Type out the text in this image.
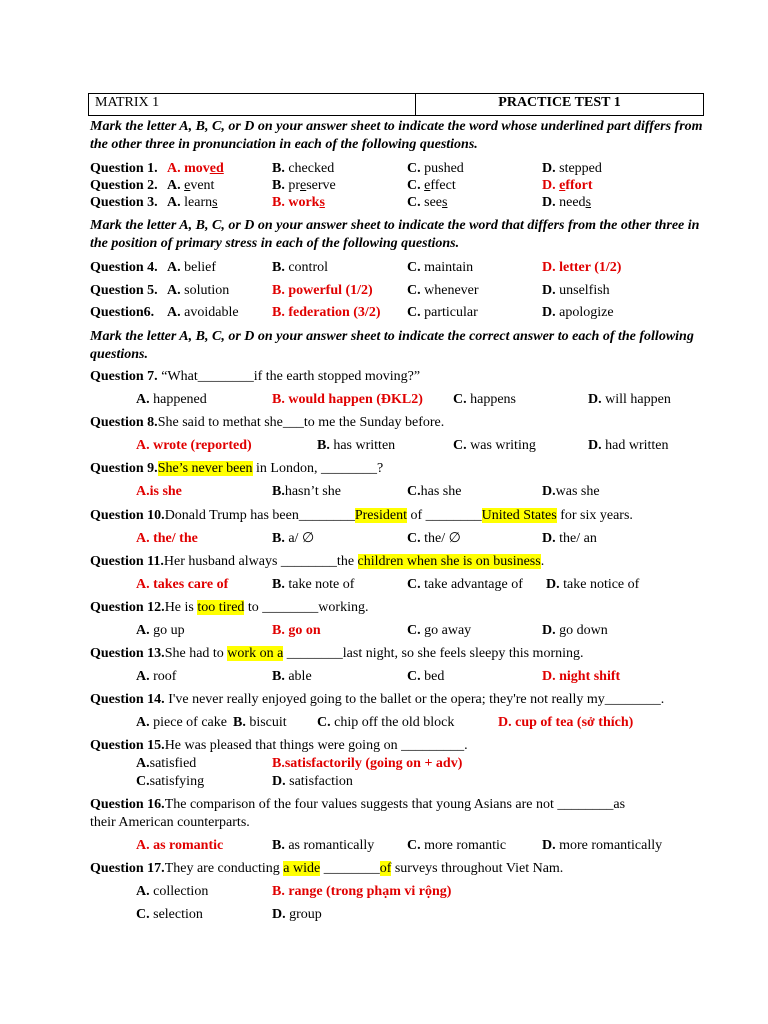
MATRIX 1	PRACTICE TEST 1
Mark the letter A, B, C, or D on your answer sheet to indicate the word whose underlined part differs from the other three in pronunciation in each of the following questions.
Question 1. A. moved	B. checked	C. pushed	D. stepped
Question 2. A. event	B. preserve	C. effect	D. effort
Question 3. A. learns	B. works	C. sees	D. needs
Mark the letter A, B, C, or D on your answer sheet to indicate the word that differs from the other three in the position of primary stress in each of the following questions.
Question 4. A. belief	B. control	C. maintain	D. letter (1/2)
Question 5. A. solution	B. powerful (1/2) C. whenever	D. unselfish
Question6. A. avoidable B. federation (3/2) C. particular	D. apologize
Mark the letter A, B, C, or D on your answer sheet to indicate the correct answer to each of the following questions.
Question 7. “What________if the earth stopped moving?”
A. happened	B. would happen (ĐKL2) C. happens	D. will happen
Question 8.She said to methat she___to me the Sunday before.
A. wrote (reported)	B. has written	C. was writing	D. had written
Question 9.She’s never been in London, ________?
A.is she	B.hasn’t she	C.has she	D.was she
Question 10.Donald Trump has been________President of ________United States for six years.
A. the/ the	B. a/ ∅	C. the/ ∅	D. the/ an
Question 11.Her husband always ________the children when she is on business.
A. takes care of	B. take note of	C. take advantage of D. take notice of
Question 12.He is too tired to ________working.
A. go up	B. go on	C. go away	D. go down
Question 13.She had to work on a ________last night, so she feels sleepy this morning.
A. roof	B. able	C. bed	D. night shift
Question 14. I've never really enjoyed going to the ballet or the opera; they're not really my________.
A. piece of cake B. biscuit C. chip off the old block	D. cup of tea (sở thích)
Question 15.He was pleased that things were going on _________.
A.satisfied	B.satisfactorily (going on + adv)
C.satisfying	D. satisfaction
Question 16.The comparison of the four values suggests that young Asians are not ________as
their American counterparts.
A. as romantic	B. as romantically C. more romantic	D. more romantically
Question 17.They are conducting a wide ________of surveys throughout Viet Nam.
A. collection	B. range (trong phạm vi rộng)
C. selection	D. group
